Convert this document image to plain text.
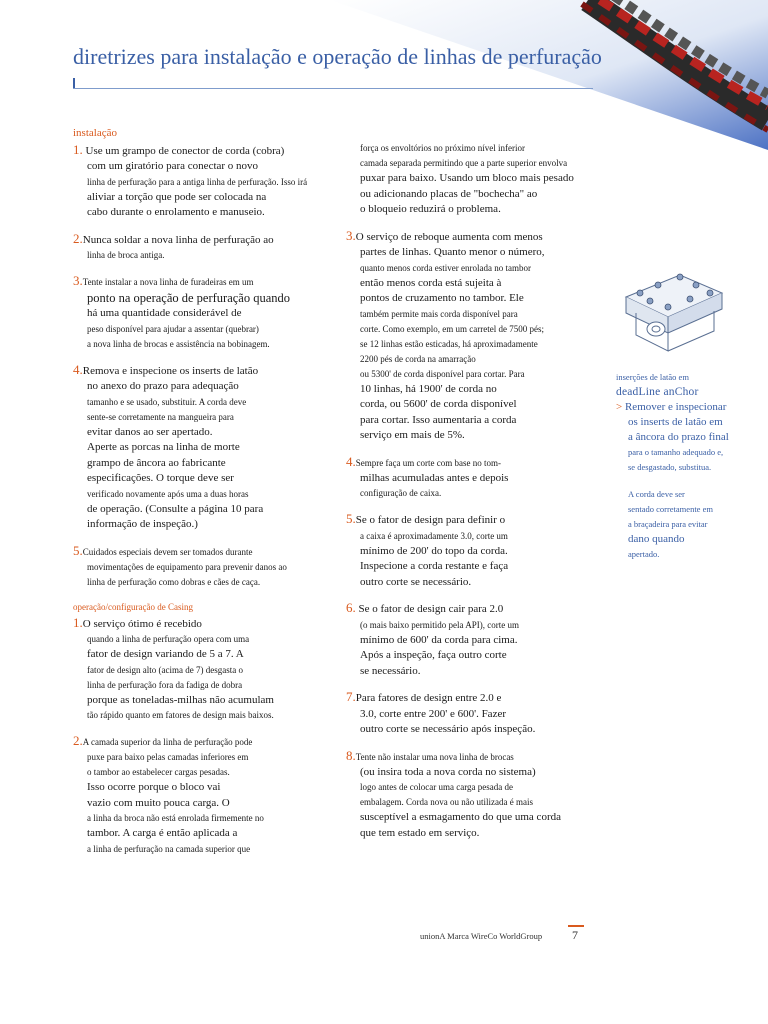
diretrizes para instalação e operação de linhas de perfuração
instalação
1. Use um grampo de conector de corda (cobra)
com um giratório para conectar o novo
linha de perfuração para a antiga linha de perfuração. Isso irá
aliviar a torção que pode ser colocada na
cabo durante o enrolamento e manuseio.
2.Nunca soldar a nova linha de perfuração ao
linha de broca antiga.
3.Tente instalar a nova linha de furadeiras em um
ponto na operação de perfuração quando
há uma quantidade considerável de
peso disponível para ajudar a assentar (quebrar)
a nova linha de brocas e assistência na bobinagem.
4.Remova e inspecione os inserts de latão
no anexo do prazo para adequação
tamanho e se usado, substituir. A corda deve
sente-se corretamente na mangueira para
evitar danos ao ser apertado.
Aperte as porcas na linha de morte
grampo de âncora ao fabricante
especificações. O torque deve ser
verificado novamente após uma a duas horas
de operação. (Consulte a página 10 para
informação de inspeção.)
5.Cuidados especiais devem ser tomados durante
movimentações de equipamento para prevenir danos ao
linha de perfuração como dobras e cães de caça.
operação/configuração de Casing
1.O serviço ótimo é recebido
quando a linha de perfuração opera com uma
fator de design variando de 5 a 7. A
fator de design alto (acima de 7) desgasta o
linha de perfuração fora da fadiga de dobra
porque as toneladas-milhas não acumulam
tão rápido quanto em fatores de design mais baixos.
2.A camada superior da linha de perfuração pode
puxe para baixo pelas camadas inferiores em
o tambor ao estabelecer cargas pesadas.
Isso ocorre porque o bloco vai
vazio com muito pouca carga. O
a linha da broca não está enrolada firmemente no
tambor. A carga é então aplicada a
a linha de perfuração na camada superior que
força os envoltórios no próximo nível inferior
camada separada permitindo que a parte superior envolva
puxar para baixo. Usando um bloco mais pesado
ou adicionando placas de "bochecha" ao
o bloqueio reduzirá o problema.
3.O serviço de reboque aumenta com menos
partes de linhas. Quanto menor o número,
quanto menos corda estiver enrolada no tambor
então menos corda está sujeita à
pontos de cruzamento no tambor. Ele
também permite mais corda disponível para
corte. Como exemplo, em um carretel de 7500 pés;
se 12 linhas estão esticadas, há aproximadamente
2200 pés de corda na amarração
ou 5300' de corda disponível para cortar. Para
10 linhas, há 1900' de corda no
corda, ou 5600' de corda disponível
para cortar. Isso aumentaria a corda
serviço em mais de 5%.
4.Sempre faça um corte com base no tom-
milhas acumuladas antes e depois
configuração de caixa.
5.Se o fator de design para definir o
a caixa é aproximadamente 3.0, corte um
mínimo de 200' do topo da corda.
Inspecione a corda restante e faça
outro corte se necessário.
6. Se o fator de design cair para 2.0
(o mais baixo permitido pela API), corte um
mínimo de 600' da corda para cima.
Após a inspeção, faça outro corte
se necessário.
7.Para fatores de design entre 2.0 e
3.0, corte entre 200' e 600'. Fazer
outro corte se necessário após inspeção.
8.Tente não instalar uma nova linha de brocas
(ou insira toda a nova corda no sistema)
logo antes de colocar uma carga pesada de
embalagem. Corda nova ou não utilizada é mais
susceptível a esmagamento do que uma corda
que tem estado em serviço.
inserções de latão em
deadLine anChor
> Remover e inspecionar
os inserts de latão em
a âncora do prazo final
para o tamanho adequado e,
se desgastado, substitua.
A corda deve ser
sentado corretamente em
a braçadeira para evitar
dano quando
apertado.
unionA Marca WireCo WorldGroup 7
